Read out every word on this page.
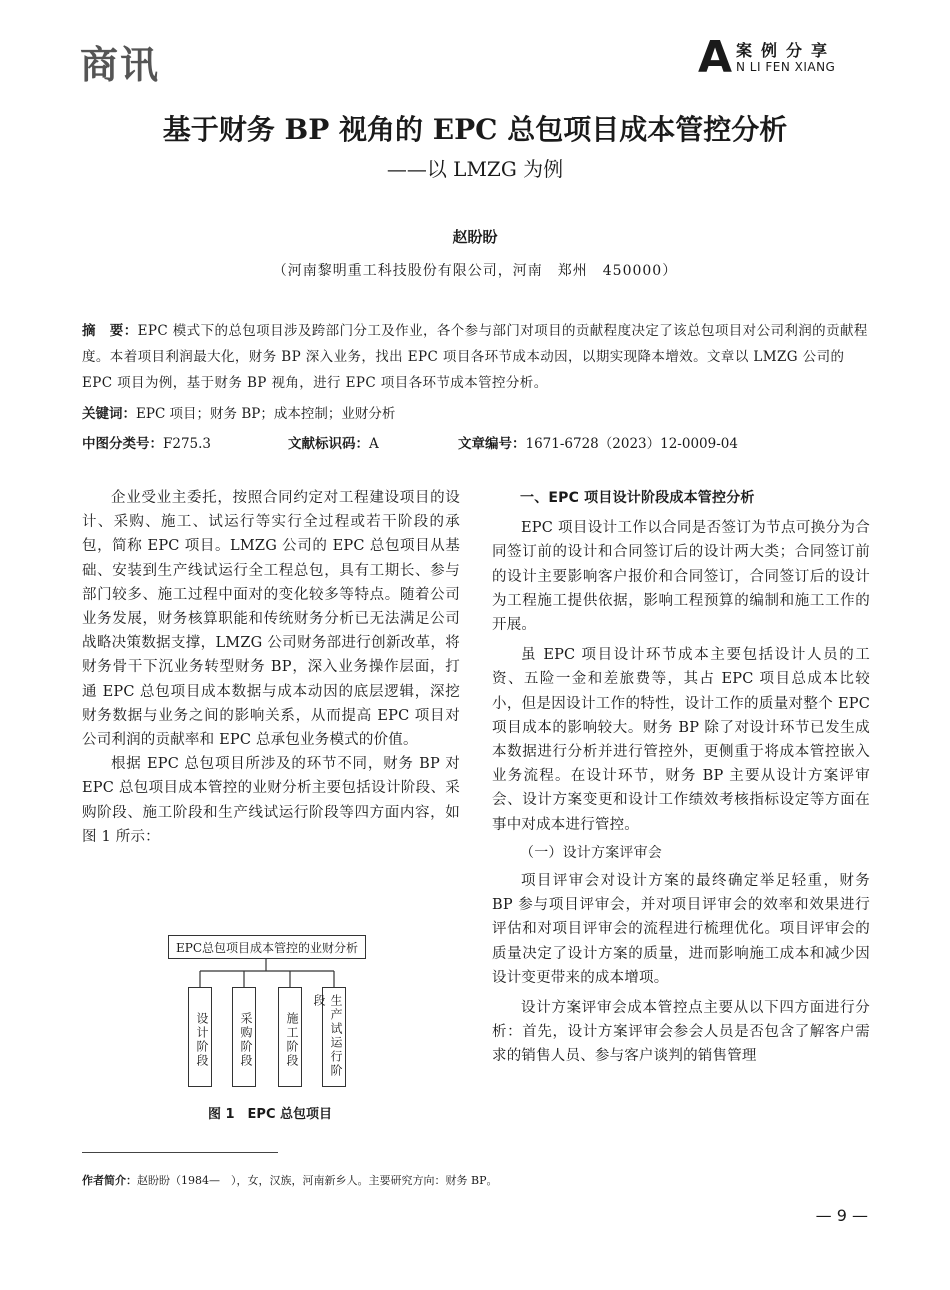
商讯	A 案例分享
N LI FEN XIANG
基于财务 BP 视角的 EPC 总包项目成本管控分析
——以 LMZG 为例
赵盼盼
（河南黎明重工科技股份有限公司，河南　郑州　450000）
摘　要：EPC 模式下的总包项目涉及跨部门分工及作业，各个参与部门对项目的贡献程度决定了该总包项目对公司利润的贡献程度。本着项目利润最大化，财务 BP 深入业务，找出 EPC 项目各环节成本动因，以期实现降本增效。文章以 LMZG 公司的 EPC 项目为例，基于财务 BP 视角，进行 EPC 项目各环节成本管控分析。
关键词：EPC 项目；财务 BP；成本控制；业财分析
中图分类号：F275.3	文献标识码：A	文章编号：1671-6728（2023）12-0009-04

企业受业主委托，按照合同约定对工程建设项目的设计、采购、施工、试运行等实行全过程或若干阶段的承包，简称 EPC 项目。LMZG 公司的 EPC 总包项目从基础、安装到生产线试运行全工程总包，具有工期长、参与部门较多、施工过程中面对的变化较多等特点。随着公司业务发展，财务核算职能和传统财务分析已无法满足公司战略决策数据支撑，LMZG 公司财务部进行创新改革，将财务骨干下沉业务转型财务 BP，深入业务操作层面，打通 EPC 总包项目成本数据与成本动因的底层逻辑，深挖财务数据与业务之间的影响关系，从而提高 EPC 项目对公司利润的贡献率和 EPC 总承包业务模式的价值。

根据 EPC 总包项目所涉及的环节不同，财务 BP 对 EPC 总包项目成本管控的业财分析主要包括设计阶段、采购阶段、施工阶段和生产线试运行阶段等四方面内容，如图 1 所示：

EPC总包项目成本管控的业财分析
设计阶段	采购阶段	施工阶段	生产试运行阶段
图 1　EPC 总包项目

一、EPC 项目设计阶段成本管控分析

EPC 项目设计工作以合同是否签订为节点可换分为合同签订前的设计和合同签订后的设计两大类；合同签订前的设计主要影响客户报价和合同签订，合同签订后的设计为工程施工提供依据，影响工程预算的编制和施工工作的开展。

虽 EPC 项目设计环节成本主要包括设计人员的工资、五险一金和差旅费等，其占 EPC 项目总成本比较小，但是因设计工作的特性，设计工作的质量对整个 EPC 项目成本的影响较大。财务 BP 除了对设计环节已发生成本数据进行分析并进行管控外，更侧重于将成本管控嵌入业务流程。在设计环节，财务 BP 主要从设计方案评审会、设计方案变更和设计工作绩效考核指标设定等方面在事中对成本进行管控。

（一）设计方案评审会

项目评审会对设计方案的最终确定举足轻重，财务 BP 参与项目评审会，并对项目评审会的效率和效果进行评估和对项目评审会的流程进行梳理优化。项目评审会的质量决定了设计方案的质量，进而影响施工成本和减少因设计变更带来的成本增项。

设计方案评审会成本管控点主要从以下四方面进行分析：首先，设计方案评审会参会人员是否包含了解客户需求的销售人员、参与客户谈判的销售管理

作者简介：赵盼盼（1984—　），女，汉族，河南新乡人。主要研究方向：财务 BP。
— 9 —
